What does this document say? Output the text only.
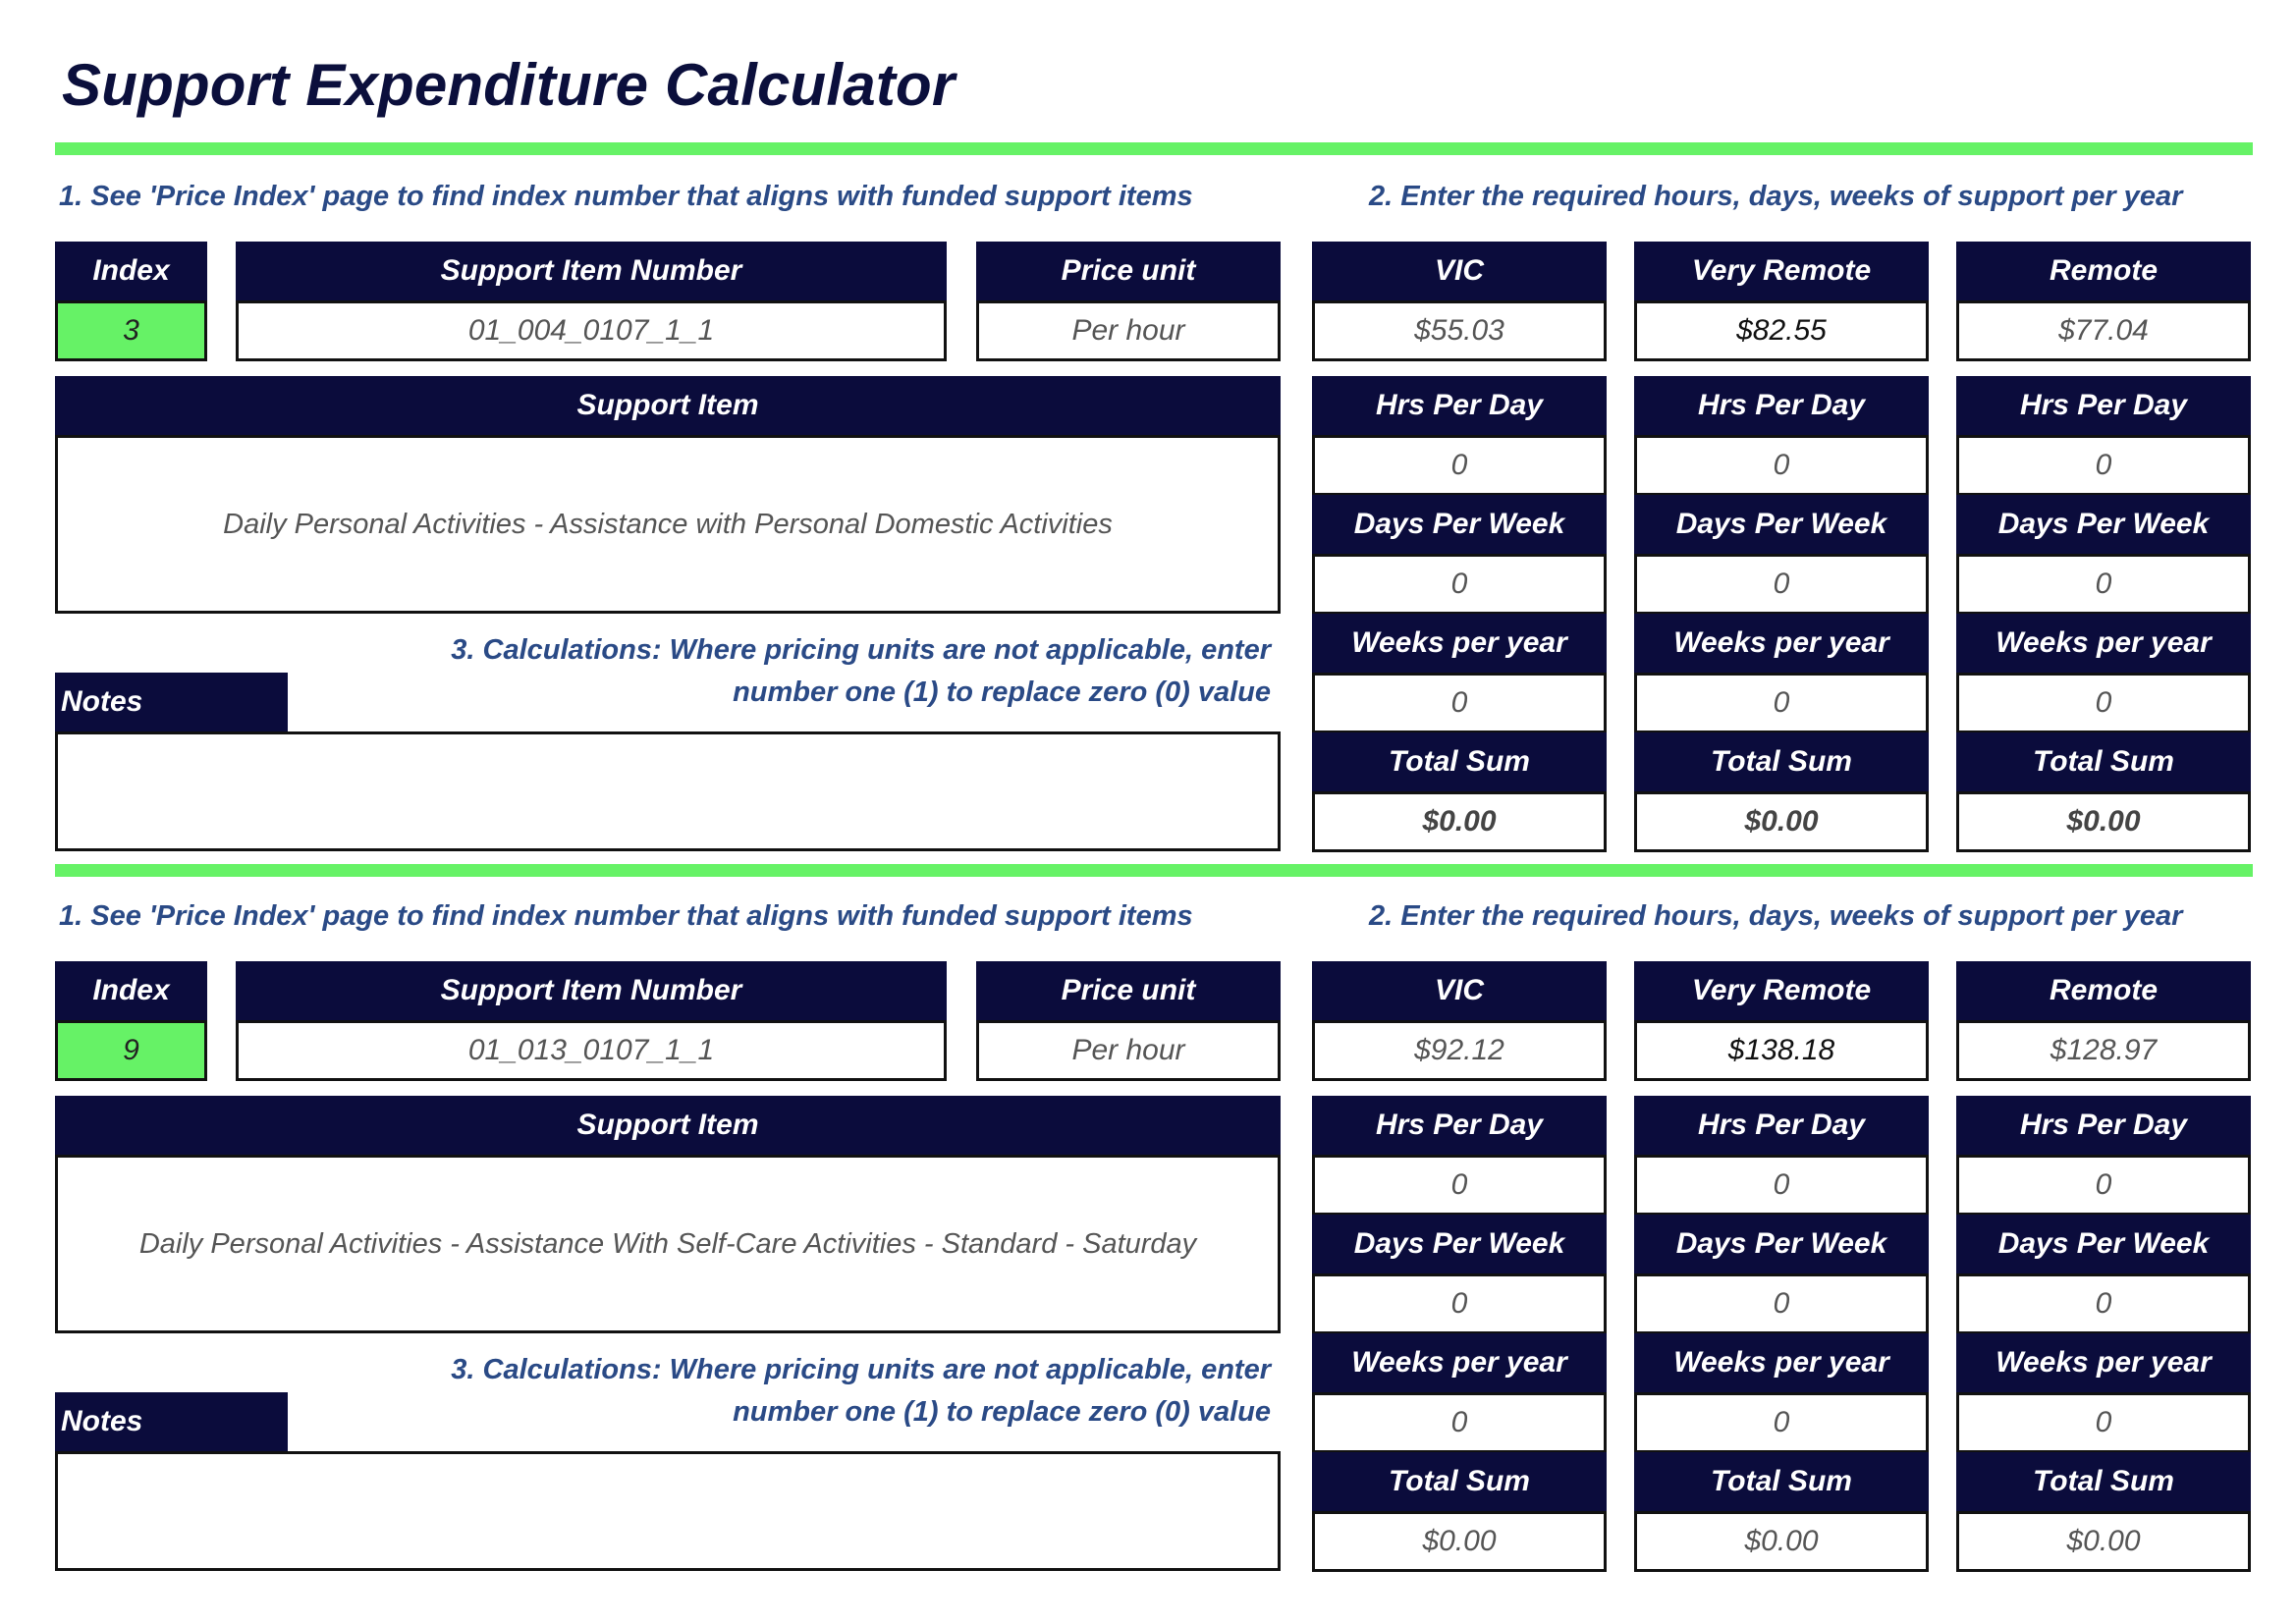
Support Expenditure Calculator
1. See 'Price Index' page to find index number that aligns with funded support items	2. Enter the required hours, days, weeks of support per year
Index
3
Support Item Number
01_004_0107_1_1
Price unit
Per hour
Support Item
Daily Personal Activities - Assistance with Personal Domestic Activities
3. Calculations: Where pricing units are not applicable, enter
number one (1) to replace zero (0) value
Notes
VIC
$55.03
Hrs Per Day
0
Days Per Week
0
Weeks per year
0
Total Sum
$0.00
Very Remote
$82.55
Hrs Per Day
0
Days Per Week
0
Weeks per year
0
Total Sum
$0.00
Remote
$77.04
Hrs Per Day
0
Days Per Week
0
Weeks per year
0
Total Sum
$0.00
1. See 'Price Index' page to find index number that aligns with funded support items	2. Enter the required hours, days, weeks of support per year
Index
9
Support Item Number
01_013_0107_1_1
Price unit
Per hour
Support Item
Daily Personal Activities - Assistance With Self-Care Activities - Standard - Saturday
3. Calculations: Where pricing units are not applicable, enter
number one (1) to replace zero (0) value
Notes
VIC
$92.12
Hrs Per Day
0
Days Per Week
0
Weeks per year
0
Total Sum
$0.00
Very Remote
$138.18
Hrs Per Day
0
Days Per Week
0
Weeks per year
0
Total Sum
$0.00
Remote
$128.97
Hrs Per Day
0
Days Per Week
0
Weeks per year
0
Total Sum
$0.00
